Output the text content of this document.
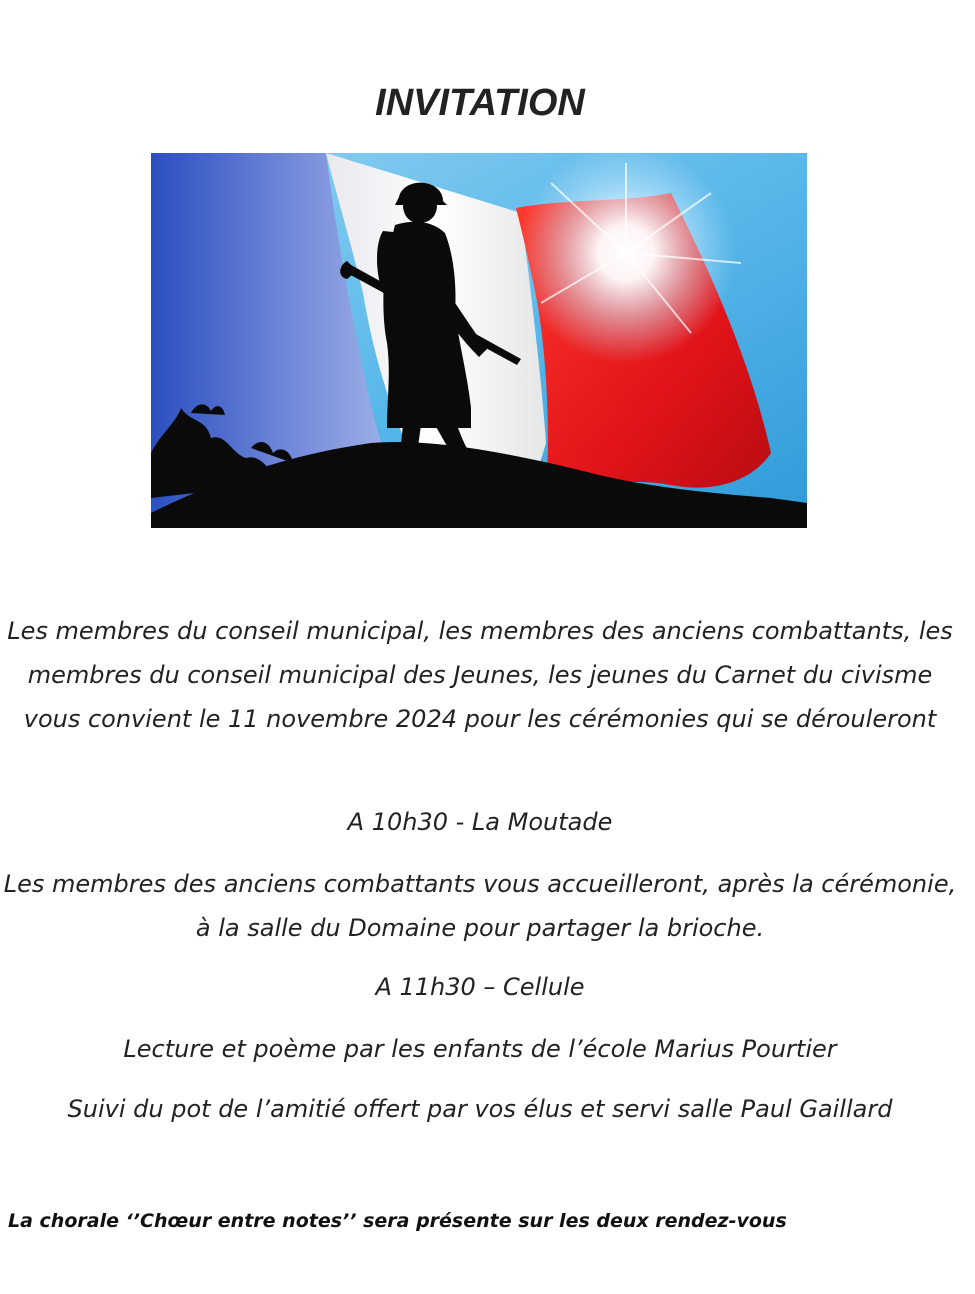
INVITATION

Les membres du conseil municipal, les membres des anciens combattants, les membres du conseil municipal des Jeunes, les jeunes du Carnet du civisme vous convient le 11 novembre 2024 pour les cérémonies qui se dérouleront

A 10h30 - La Moutade

Les membres des anciens combattants vous accueilleront, après la cérémonie, à la salle du Domaine pour partager la brioche.

A 11h30 – Cellule

Lecture et poème par les enfants de l’école Marius Pourtier

Suivi du pot de l’amitié offert par vos élus et servi salle Paul Gaillard

La chorale ‘’Chœur entre notes’’ sera présente sur les deux rendez-vous
